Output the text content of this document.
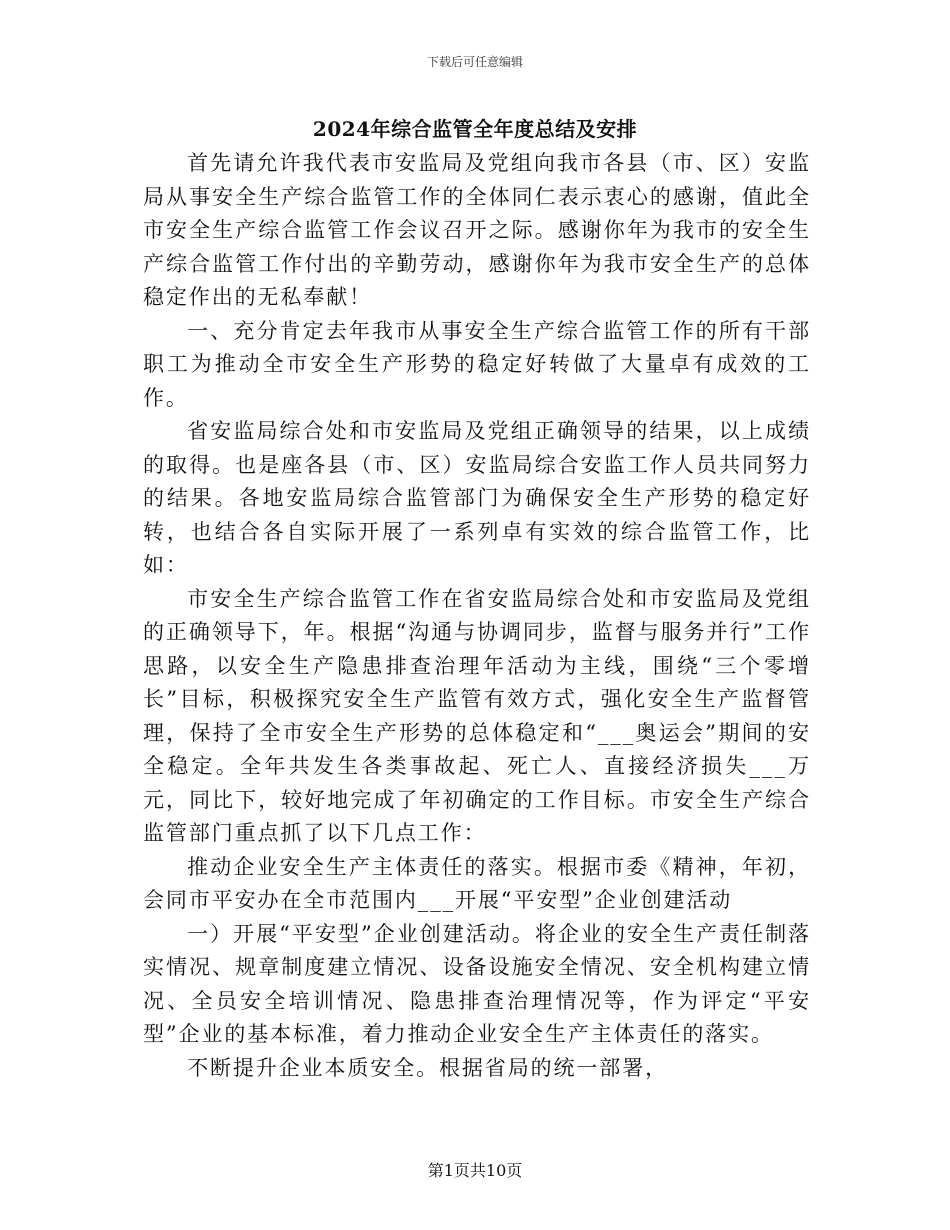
下载后可任意编辑
2024年综合监管全年度总结及安排

首先请允许我代表市安监局及党组向我市各县（市、区）安监局从事安全生产综合监管工作的全体同仁表示衷心的感谢，值此全市安全生产综合监管工作会议召开之际。感谢你年为我市的安全生产综合监管工作付出的辛勤劳动，感谢你年为我市安全生产的总体稳定作出的无私奉献！

一、充分肯定去年我市从事安全生产综合监管工作的所有干部职工为推动全市安全生产形势的稳定好转做了大量卓有成效的工作。

省安监局综合处和市安监局及党组正确领导的结果，以上成绩的取得。也是座各县（市、区）安监局综合安监工作人员共同努力的结果。各地安监局综合监管部门为确保安全生产形势的稳定好转，也结合各自实际开展了一系列卓有实效的综合监管工作，比如：

市安全生产综合监管工作在省安监局综合处和市安监局及党组的正确领导下，年。根据“沟通与协调同步，监督与服务并行”工作思路，以安全生产隐患排查治理年活动为主线，围绕“三个零增长”目标，积极探究安全生产监管有效方式，强化安全生产监督管理，保持了全市安全生产形势的总体稳定和“___奥运会”期间的安全稳定。全年共发生各类事故起、死亡人、直接经济损失___万元，同比下，较好地完成了年初确定的工作目标。市安全生产综合监管部门重点抓了以下几点工作：

推动企业安全生产主体责任的落实。根据市委《精神，年初，会同市平安办在全市范围内___开展“平安型”企业创建活动

一）开展“平安型”企业创建活动。将企业的安全生产责任制落实情况、规章制度建立情况、设备设施安全情况、安全机构建立情况、全员安全培训情况、隐患排查治理情况等，作为评定“平安型”企业的基本标准，着力推动企业安全生产主体责任的落实。

不断提升企业本质安全。根据省局的统一部署，

第1页共10页
